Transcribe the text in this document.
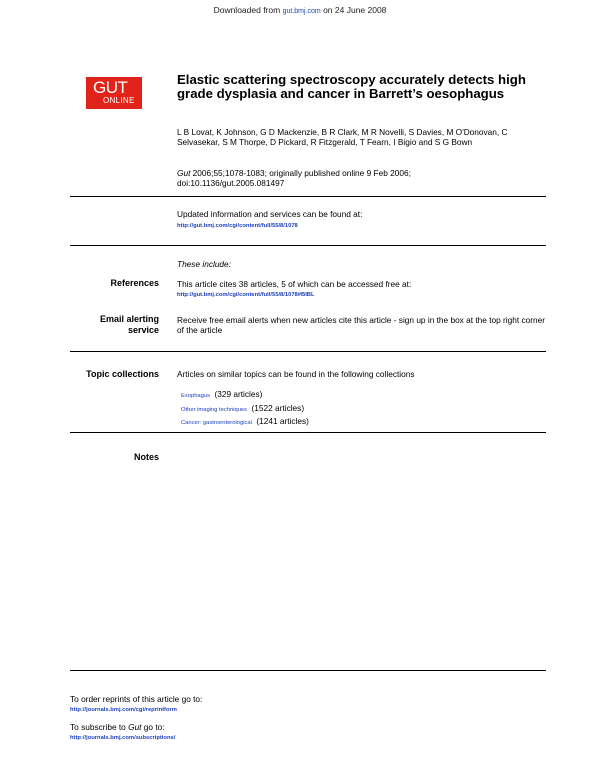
Downloaded from gut.bmj.com on 24 June 2008
GUT
ONLINE
Elastic scattering spectroscopy accurately detects high grade dysplasia and cancer in Barrett’s oesophagus
L B Lovat, K Johnson, G D Mackenzie, B R Clark, M R Novelli, S Davies, M O'Donovan, C Selvasekar, S M Thorpe, D Pickard, R Fitzgerald, T Fearn, I Bigio and S G Bown
Gut 2006;55;1078-1083; originally published online 9 Feb 2006;
doi:10.1136/gut.2005.081497
Updated information and services can be found at:
http://gut.bmj.com/cgi/content/full/55/8/1078
These include:
References This article cites 38 articles, 5 of which can be accessed free at:
http://gut.bmj.com/cgi/content/full/55/8/1078#BIBL
Email alerting
service
Receive free email alerts when new articles cite this article - sign up in the box at the top right corner of the article
Topic collections Articles on similar topics can be found in the following collections
Esophagus (329 articles)
Other imaging techniques (1522 articles)
Cancer: gastroenterological (1241 articles)
Notes
To order reprints of this article go to:
http://journals.bmj.com/cgi/reprintform
To subscribe to Gut go to:
http://journals.bmj.com/subscriptions/
